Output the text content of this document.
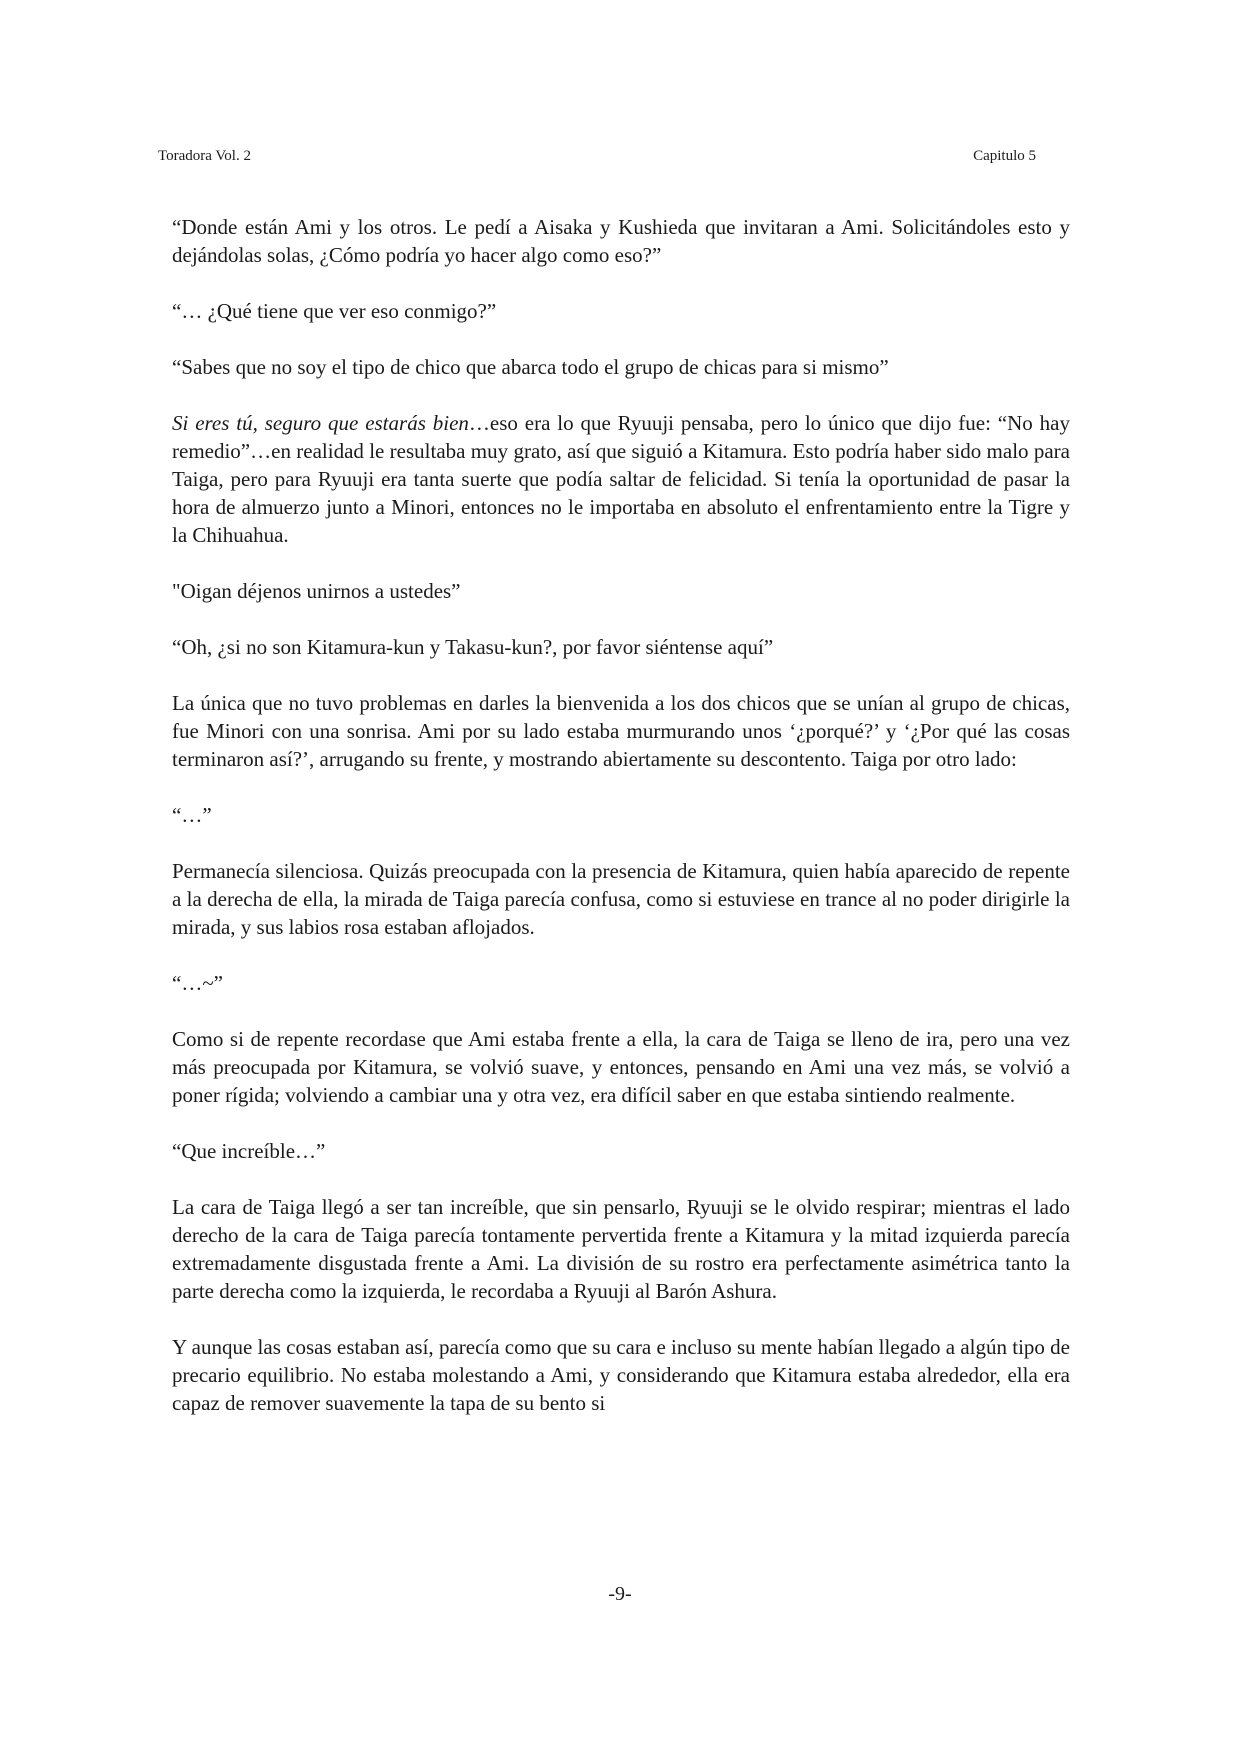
Toradora Vol. 2	Capitulo 5

“Donde están Ami y los otros. Le pedí a Aisaka y Kushieda que invitaran a Ami. Solicitándoles esto y dejándolas solas, ¿Cómo podría yo hacer algo como eso?”

“… ¿Qué tiene que ver eso conmigo?”

“Sabes que no soy el tipo de chico que abarca todo el grupo de chicas para si mismo”

Si eres tú, seguro que estarás bien…eso era lo que Ryuuji pensaba, pero lo único que dijo fue: “No hay remedio”…en realidad le resultaba muy grato, así que siguió a Kitamura. Esto podría haber sido malo para Taiga, pero para Ryuuji era tanta suerte que podía saltar de felicidad. Si tenía la oportunidad de pasar la hora de almuerzo junto a Minori, entonces no le importaba en absoluto el enfrentamiento entre la Tigre y la Chihuahua.

"Oigan déjenos unirnos a ustedes”

“Oh, ¿si no son Kitamura-kun y Takasu-kun?, por favor siéntense aquí”

La única que no tuvo problemas en darles la bienvenida a los dos chicos que se unían al grupo de chicas, fue Minori con una sonrisa. Ami por su lado estaba murmurando unos ‘¿porqué?’ y ‘¿Por qué las cosas terminaron así?’, arrugando su frente, y mostrando abiertamente su descontento. Taiga por otro lado:

“…”

Permanecía silenciosa. Quizás preocupada con la presencia de Kitamura, quien había aparecido de repente a la derecha de ella, la mirada de Taiga parecía confusa, como si estuviese en trance al no poder dirigirle la mirada, y sus labios rosa estaban aflojados.

“…~”

Como si de repente recordase que Ami estaba frente a ella, la cara de Taiga se lleno de ira, pero una vez más preocupada por Kitamura, se volvió suave, y entonces, pensando en Ami una vez más, se volvió a poner rígida; volviendo a cambiar una y otra vez, era difícil saber en que estaba sintiendo realmente.

“Que increíble…”

La cara de Taiga llegó a ser tan increíble, que sin pensarlo, Ryuuji se le olvido respirar; mientras el lado derecho de la cara de Taiga parecía tontamente pervertida frente a Kitamura y la mitad izquierda parecía extremadamente disgustada frente a Ami. La división de su rostro era perfectamente asimétrica tanto la parte derecha como la izquierda, le recordaba a Ryuuji al Barón Ashura.

Y aunque las cosas estaban así, parecía como que su cara e incluso su mente habían llegado a algún tipo de precario equilibrio. No estaba molestando a Ami, y considerando que Kitamura estaba alrededor, ella era capaz de remover suavemente la tapa de su bento si

-9-
